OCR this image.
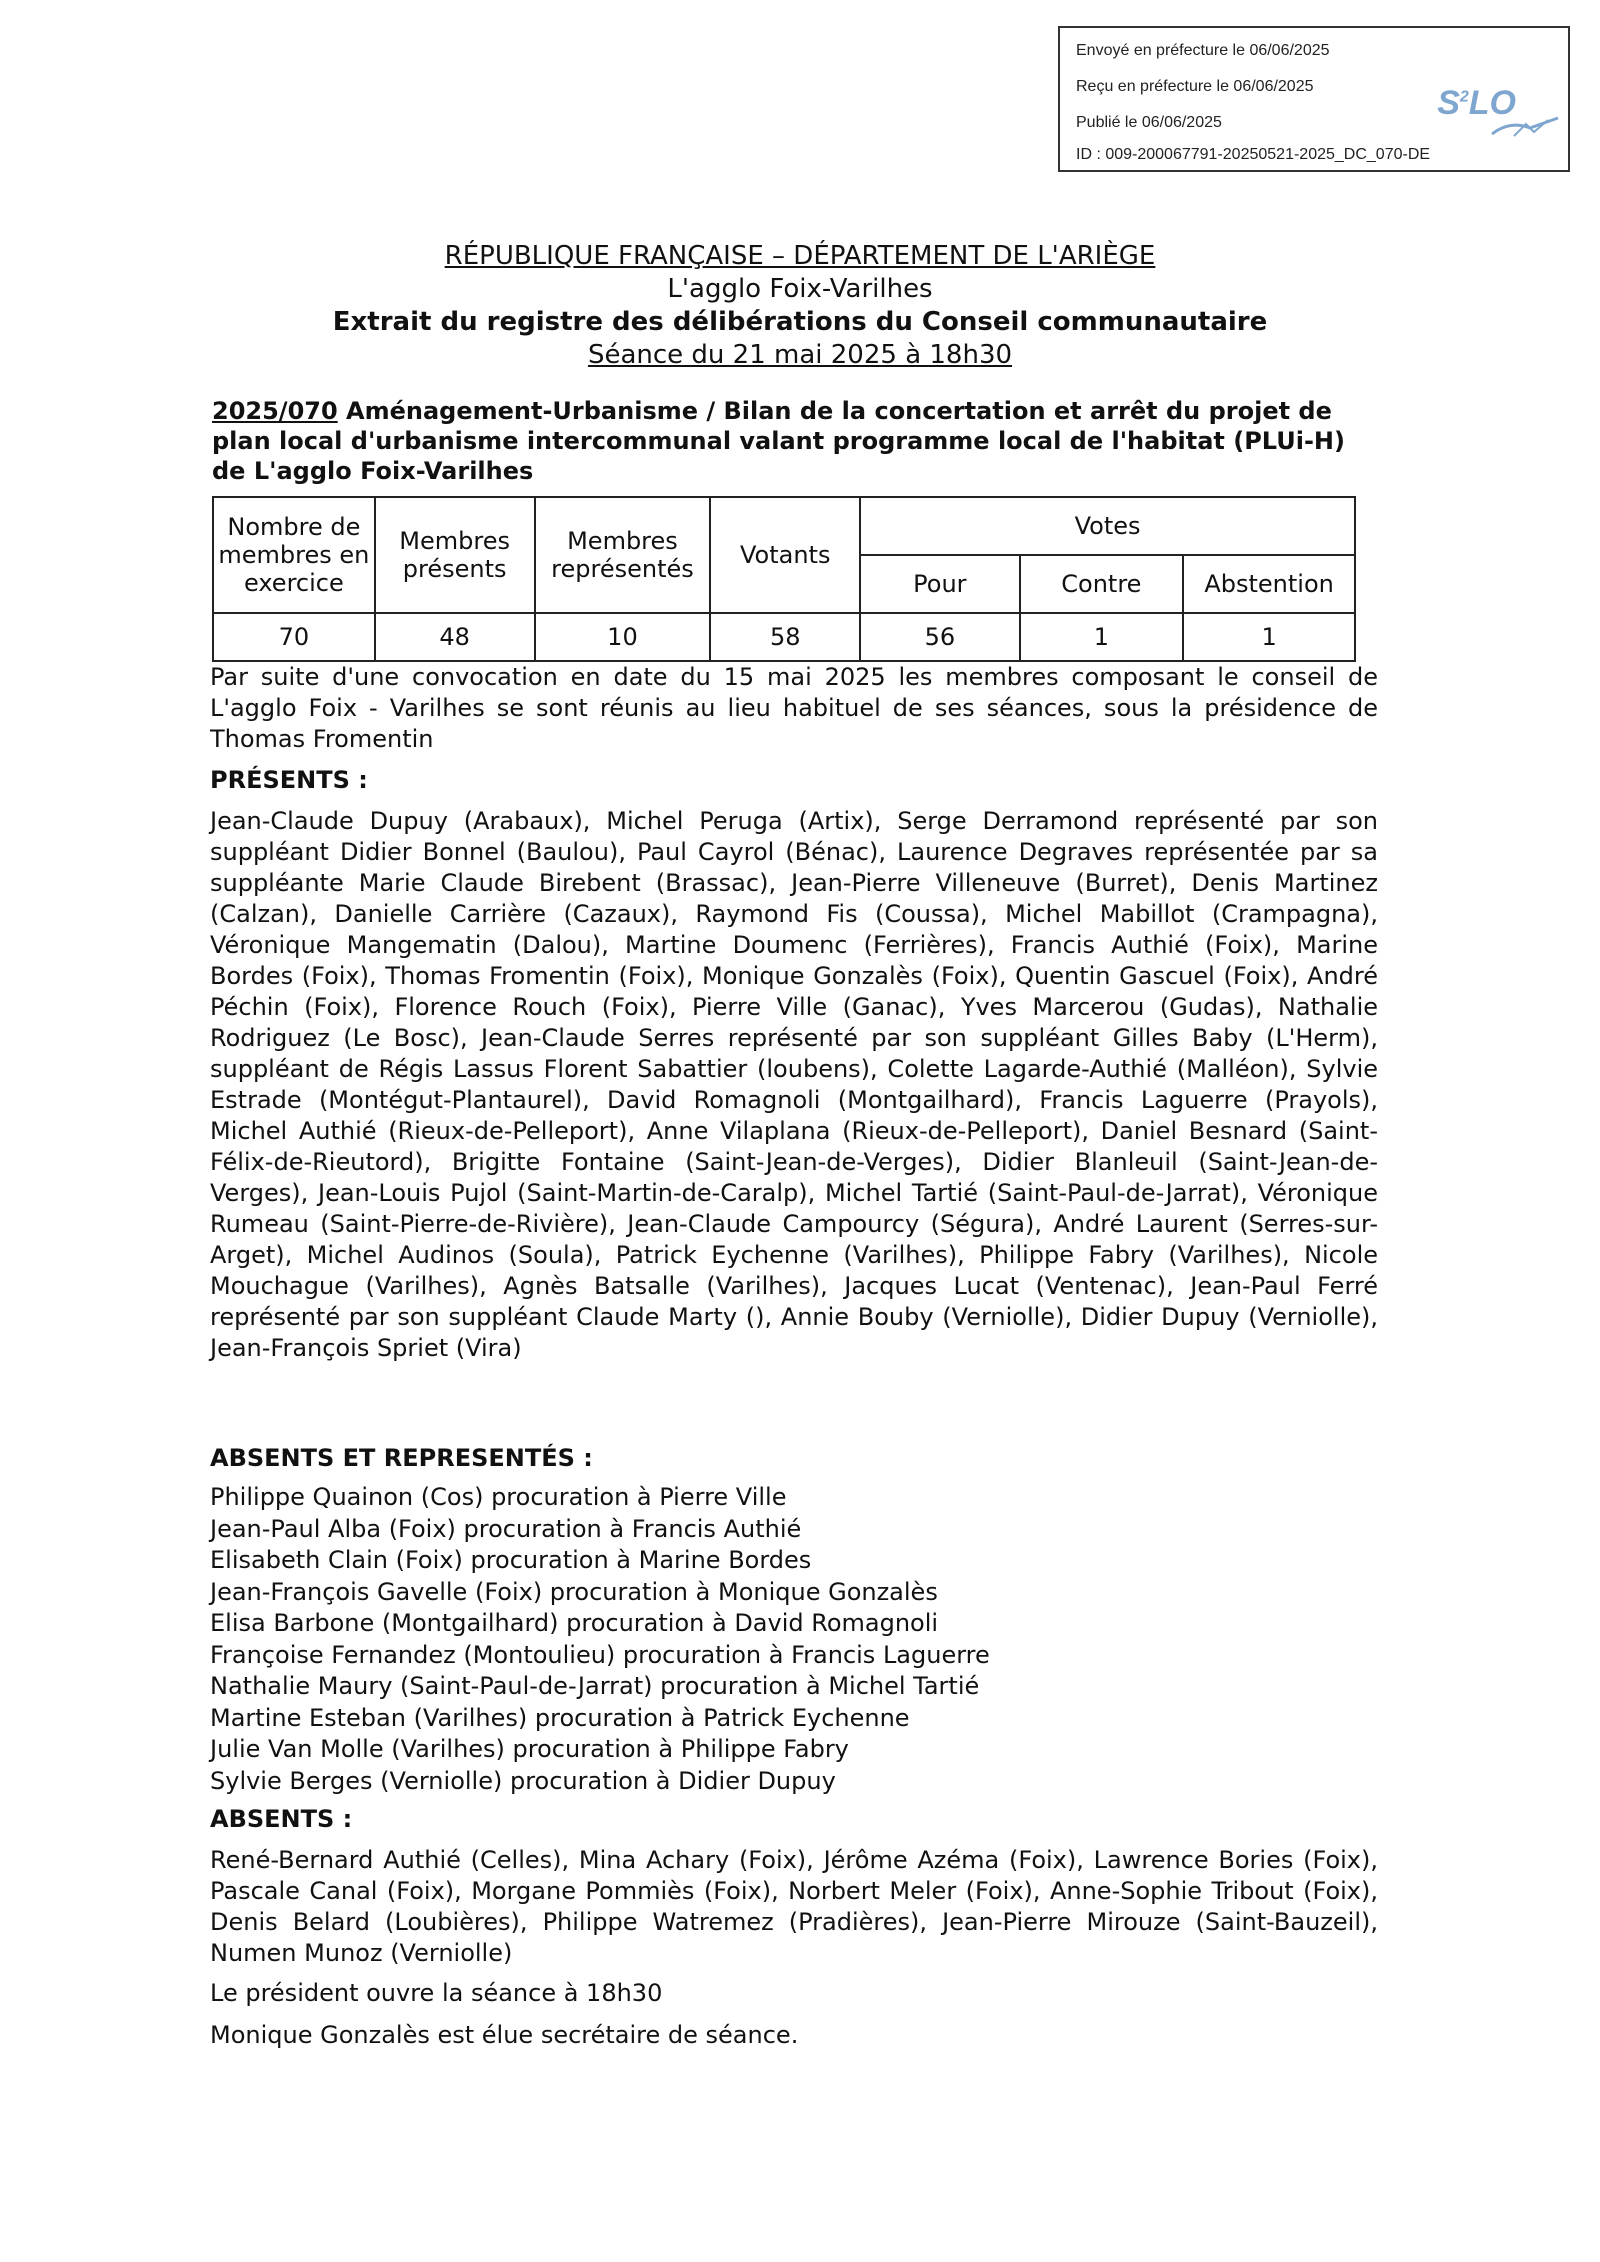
Envoyé en préfecture le 06/06/2025
Reçu en préfecture le 06/06/2025
Publié le 06/06/2025
ID : 009-200067791-20250521-2025_DC_070-DE
$S^2LO$
RÉPUBLIQUE FRANÇAISE – DÉPARTEMENT DE L'ARIÈGE
L'agglo Foix-Varilhes
Extrait du registre des délibérations du Conseil communautaire
Séance du 21 mai 2025 à 18h30
2025/070 Aménagement-Urbanisme / Bilan de la concertation et arrêt du projet de plan local d'urbanisme intercommunal valant programme local de l'habitat (PLUi-H) de L'agglo Foix-Varilhes
Nombre de membres en exercice	Membres présents	Membres représentés	Votants	Votes		
				Pour	Contre	Abstention
70	48	10	58	56	1	1
Par suite d'une convocation en date du 15 mai 2025 les membres composant le conseil de L'agglo Foix - Varilhes se sont réunis au lieu habituel de ses séances, sous la présidence de Thomas Fromentin
PRÉSENTS :
Jean-Claude Dupuy (Arabaux), Michel Peruga (Artix), Serge Derramond représenté par son suppléant Didier Bonnel (Baulou), Paul Cayrol (Bénac), Laurence Degraves représentée par sa suppléante Marie Claude Birebent (Brassac), Jean-Pierre Villeneuve (Burret), Denis Martinez (Calzan), Danielle Carrière (Cazaux), Raymond Fis (Coussa), Michel Mabillot (Crampagna), Véronique Mangematin (Dalou), Martine Doumenc (Ferrières), Francis Authié (Foix), Marine Bordes (Foix), Thomas Fromentin (Foix), Monique Gonzalès (Foix), Quentin Gascuel (Foix), André Péchin (Foix), Florence Rouch (Foix), Pierre Ville (Ganac), Yves Marcerou (Gudas), Nathalie Rodriguez (Le Bosc), Jean-Claude Serres représenté par son suppléant Gilles Baby (L'Herm), suppléant de Régis Lassus Florent Sabattier (loubens), Colette Lagarde-Authié (Malléon), Sylvie Estrade (Montégut-Plantaurel), David Romagnoli (Montgailhard), Francis Laguerre (Prayols), Michel Authié (Rieux-de-Pelleport), Anne Vilaplana (Rieux-de-Pelleport), Daniel Besnard (Saint-Félix-de-Rieutord), Brigitte Fontaine (Saint-Jean-de-Verges), Didier Blanleuil (Saint-Jean-de-Verges), Jean-Louis Pujol (Saint-Martin-de-Caralp), Michel Tartié (Saint-Paul-de-Jarrat), Véronique Rumeau (Saint-Pierre-de-Rivière), Jean-Claude Campourcy (Ségura), André Laurent (Serres-sur-Arget), Michel Audinos (Soula), Patrick Eychenne (Varilhes), Philippe Fabry (Varilhes), Nicole Mouchague (Varilhes), Agnès Batsalle (Varilhes), Jacques Lucat (Ventenac), Jean-Paul Ferré représenté par son suppléant Claude Marty (), Annie Bouby (Verniolle), Didier Dupuy (Verniolle), Jean-François Spriet (Vira)
ABSENTS ET REPRESENTÉS :
Philippe Quainon (Cos) procuration à Pierre Ville
Jean-Paul Alba (Foix) procuration à Francis Authié
Elisabeth Clain (Foix) procuration à Marine Bordes
Jean-François Gavelle (Foix) procuration à Monique Gonzalès
Elisa Barbone (Montgailhard) procuration à David Romagnoli
Françoise Fernandez (Montoulieu) procuration à Francis Laguerre
Nathalie Maury (Saint-Paul-de-Jarrat) procuration à Michel Tartié
Martine Esteban (Varilhes) procuration à Patrick Eychenne
Julie Van Molle (Varilhes) procuration à Philippe Fabry
Sylvie Berges (Verniolle) procuration à Didier Dupuy
ABSENTS :
René-Bernard Authié (Celles), Mina Achary (Foix), Jérôme Azéma (Foix), Lawrence Bories (Foix), Pascale Canal (Foix), Morgane Pommiès (Foix), Norbert Meler (Foix), Anne-Sophie Tribout (Foix), Denis Belard (Loubières), Philippe Watremez (Pradières), Jean-Pierre Mirouze (Saint-Bauzeil), Numen Munoz (Verniolle)
Le président ouvre la séance à 18h30
Monique Gonzalès est élue secrétaire de séance.
